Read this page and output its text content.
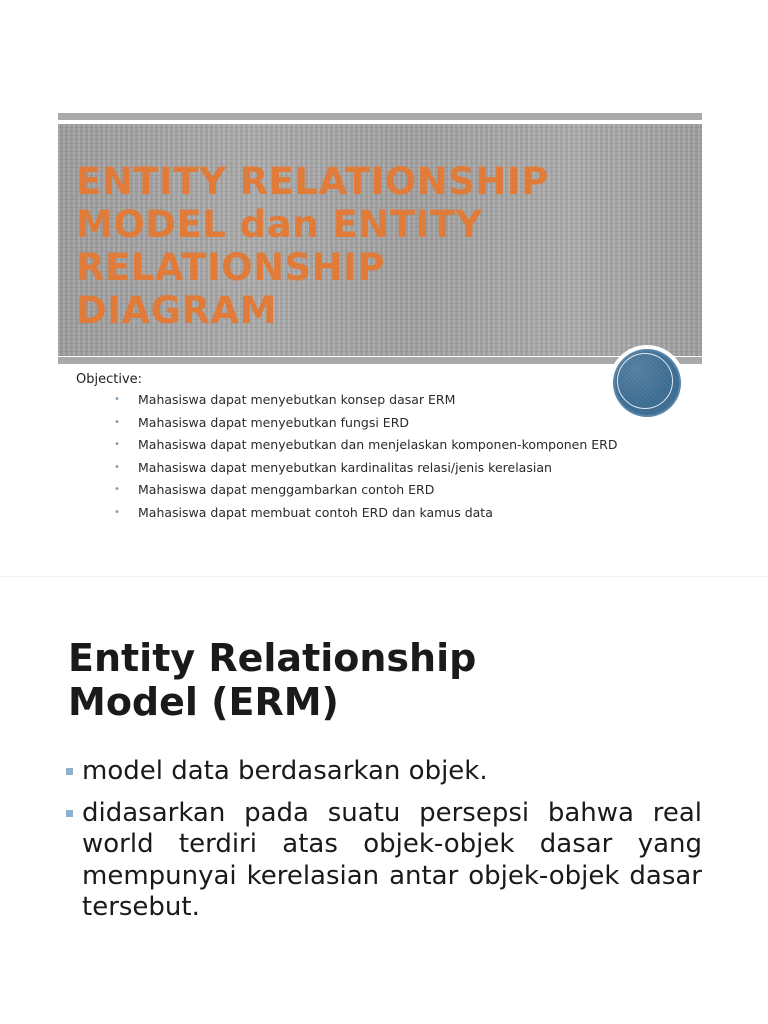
ENTITY RELATIONSHIP
MODEL dan ENTITY
RELATIONSHIP
DIAGRAM

Objective:

• Mahasiswa dapat menyebutkan konsep dasar ERM
• Mahasiswa dapat menyebutkan fungsi ERD
• Mahasiswa dapat menyebutkan dan menjelaskan komponen-komponen ERD
• Mahasiswa dapat menyebutkan kardinalitas relasi/jenis kerelasian
• Mahasiswa dapat menggambarkan contoh ERD
• Mahasiswa dapat membuat contoh ERD dan kamus data
Entity Relationship
Model (ERM)
model data berdasarkan objek.
didasarkan pada suatu persepsi bahwa real world terdiri atas objek-objek dasar yang mempunyai kerelasian antar objek-objek dasar tersebut.
